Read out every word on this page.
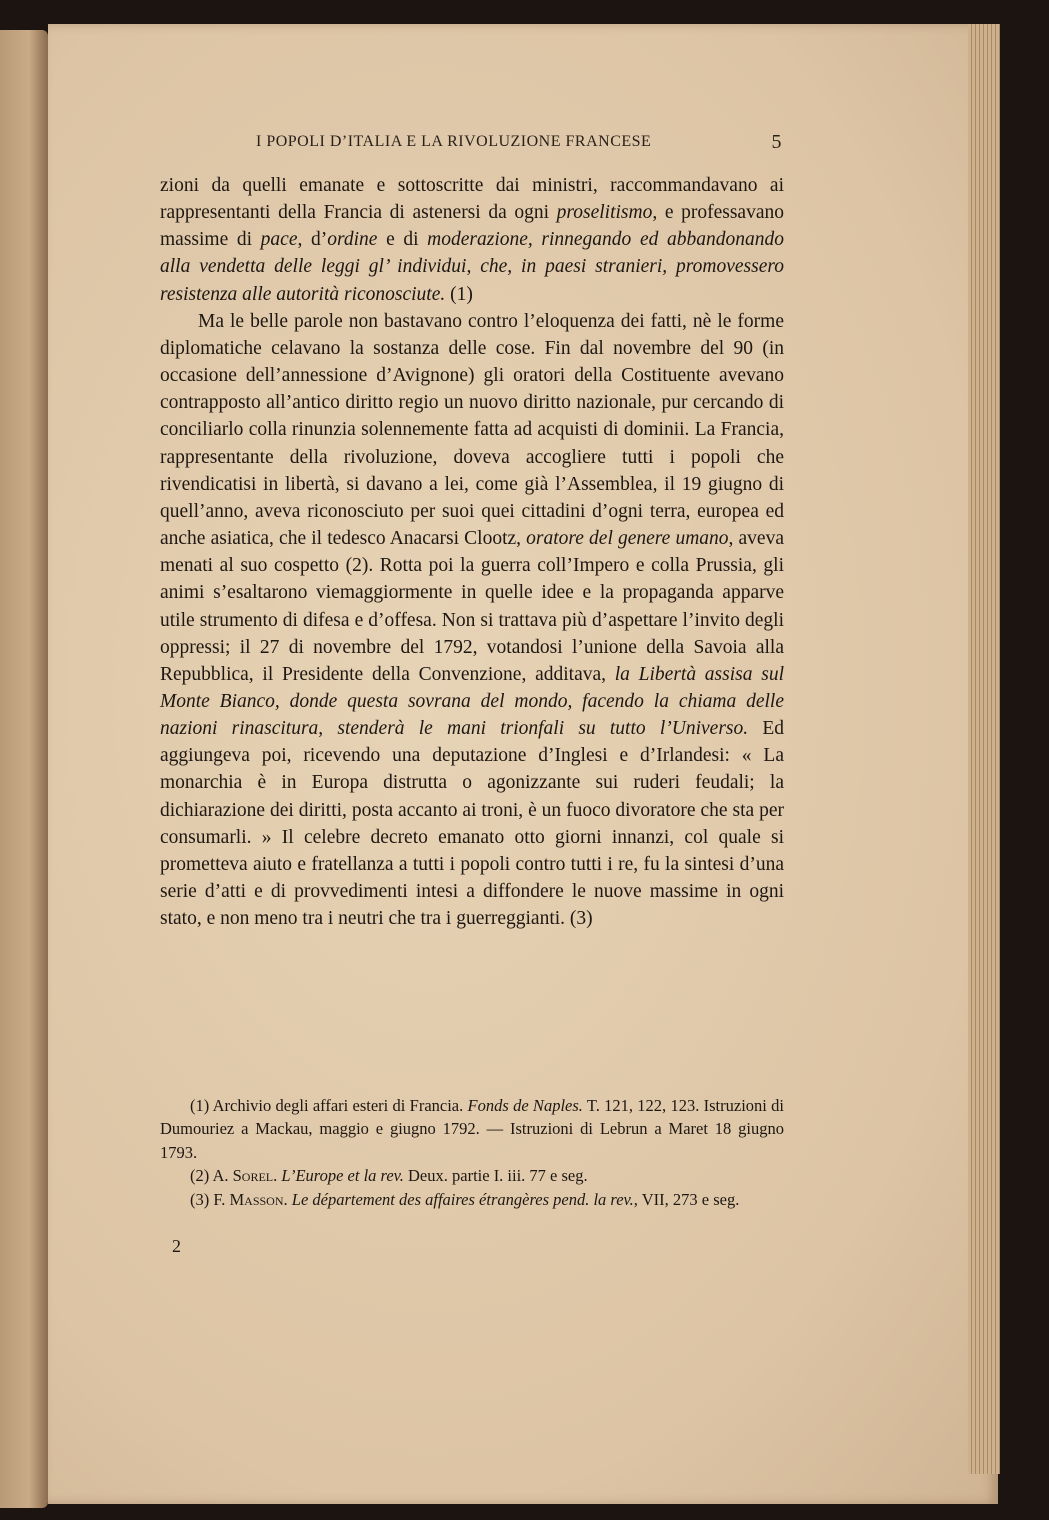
I POPOLI D’ITALIA E LA RIVOLUZIONE FRANCESE	5

zioni da quelli emanate e sottoscritte dai ministri, raccommandavano ai rappresentanti della Francia di astenersi da ogni proselitismo, e professavano massime di pace, d’ordine e di moderazione, rinnegando ed abbandonando alla vendetta delle leggi gl’ individui, che, in paesi stranieri, promovessero resistenza alle autorità riconosciute. (1)

Ma le belle parole non bastavano contro l’eloquenza dei fatti, nè le forme diplomatiche celavano la sostanza delle cose. Fin dal novembre del 90 (in occasione dell’annessione d’Avignone) gli oratori della Costituente avevano contrapposto all’antico diritto regio un nuovo diritto nazionale, pur cercando di conciliarlo colla rinunzia solennemente fatta ad acquisti di dominii. La Francia, rappresentante della rivoluzione, doveva accogliere tutti i popoli che rivendicatisi in libertà, si davano a lei, come già l’Assemblea, il 19 giugno di quell’anno, aveva riconosciuto per suoi quei cittadini d’ogni terra, europea ed anche asiatica, che il tedesco Anacarsi Clootz, oratore del genere umano, aveva menati al suo cospetto (2). Rotta poi la guerra coll’Impero e colla Prussia, gli animi s’esaltarono viemaggiormente in quelle idee e la propaganda apparve utile strumento di difesa e d’offesa. Non si trattava più d’aspettare l’invito degli oppressi; il 27 di novembre del 1792, votandosi l’unione della Savoia alla Repubblica, il Presidente della Convenzione, additava, la Libertà assisa sul Monte Bianco, donde questa sovrana del mondo, facendo la chiama delle nazioni rinascitura, stenderà le mani trionfali su tutto l’Universo. Ed aggiungeva poi, ricevendo una deputazione d’Inglesi e d’Irlandesi: « La monarchia è in Europa distrutta o agonizzante sui ruderi feudali; la dichiarazione dei diritti, posta accanto ai troni, è un fuoco divoratore che sta per consumarli. » Il celebre decreto emanato otto giorni innanzi, col quale si prometteva aiuto e fratellanza a tutti i popoli contro tutti i re, fu la sintesi d’una serie d’atti e di provvedimenti intesi a diffondere le nuove massime in ogni stato, e non meno tra i neutri che tra i guerreggianti. (3)

(1) Archivio degli affari esteri di Francia. Fonds de Naples. T. 121, 122, 123. Istruzioni di Dumouriez a Mackau, maggio e giugno 1792. — Istruzioni di Lebrun a Maret 18 giugno 1793.

(2) A. Sorel. L’Europe et la rev. Deux. partie I. iii. 77 e seg.

(3) F. Masson. Le département des affaires étrangères pend. la rev., VII, 273 e seg.

2
